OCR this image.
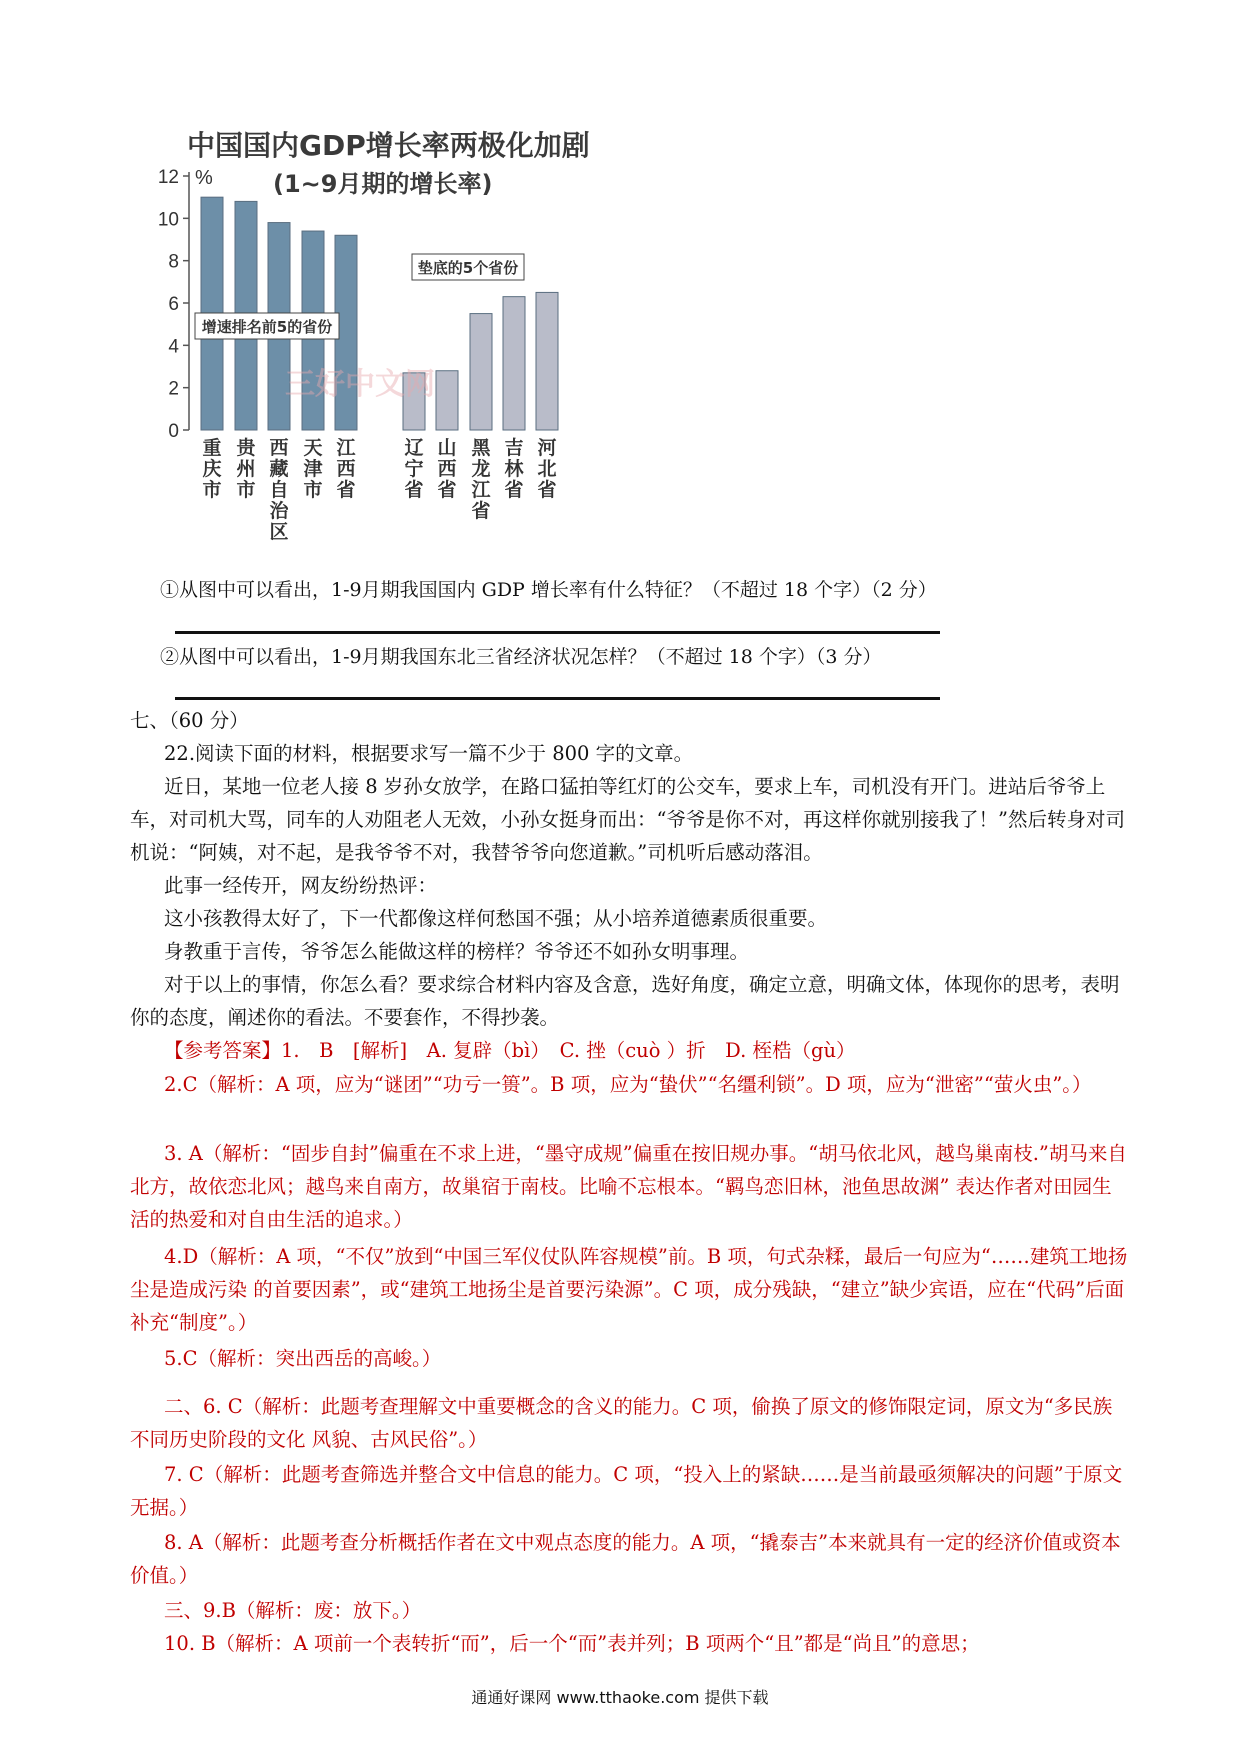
0
2
4
6
8
10
12 %
重
庆
市
贵
州
市
西
藏
自
治
区
天
津
市
江
西
省
辽
宁
省
山
西
省
黑
龙
江
省
吉
林
省
河
北
省
增速排名前5的省份
垫底的5个省份
三好中文网
中国国内GDP增长率两极化加剧
(1~9月期的增长率)
①从图中可以看出，1-9月期我国国内 GDP 增长率有什么特征？（不超过 18 个字）（2 分）
②从图中可以看出，1-9月期我国东北三省经济状况怎样？（不超过 18 个字）（3 分）

七、（60 分）

22.阅读下面的材料，根据要求写一篇不少于 800 字的文章。

近日，某地一位老人接 8 岁孙女放学，在路口猛拍等红灯的公交车，要求上车，司机没有开门。进站后爷爷上车，对司机大骂，同车的人劝阻老人无效，小孙女挺身而出：“爷爷是你不对，再这样你就别接我了！”然后转身对司机说：“阿姨，对不起，是我爷爷不对，我替爷爷向您道歉。”司机听后感动落泪。

此事一经传开，网友纷纷热评：

这小孩教得太好了，下一代都像这样何愁国不强；从小培养道德素质很重要。

身教重于言传，爷爷怎么能做这样的榜样？爷爷还不如孙女明事理。

对于以上的事情，你怎么看？要求综合材料内容及含意，选好角度，确定立意，明确文体，体现你的思考，表明你的态度，阐述你的看法。不要套作，不得抄袭。

【参考答案】1.　B　[解析]　A. 复辟（bì）　C. 挫（cuò ）折　D. 桎梏（gù）

2.C（解析：A 项，应为“谜团”“功亏一篑”。B 项，应为“蛰伏”“名缰利锁”。D 项，应为“泄密”“萤火虫”。）

3. A（解析：“固步自封”偏重在不求上进，“墨守成规”偏重在按旧规办事。“胡马依北风，越鸟巢南枝.”胡马来自北方，故依恋北风；越鸟来自南方，故巢宿于南枝。比喻不忘根本。“羁鸟恋旧林，池鱼思故渊” 表达作者对田园生活的热爱和对自由生活的追求。）

4.D（解析：A 项，“不仅”放到“中国三军仪仗队阵容规模”前。B 项，句式杂糅，最后一句应为“……建筑工地扬尘是造成污染 的首要因素”，或“建筑工地扬尘是首要污染源”。C 项，成分残缺，“建立”缺少宾语，应在“代码”后面补充“制度”。）

5.C（解析：突出西岳的高峻。）

二、6. C（解析：此题考查理解文中重要概念的含义的能力。C 项，偷换了原文的修饰限定词，原文为“多民族不同历史阶段的文化 风貌、古风民俗”。）

7. C（解析：此题考查筛选并整合文中信息的能力。C 项，“投入上的紧缺……是当前最亟须解决的问题”于原文无据。）

8. A（解析：此题考查分析概括作者在文中观点态度的能力。A 项，“撬泰吉”本来就具有一定的经济价值或资本价值。）

三、9.B（解析：废：放下。）

10. B（解析：A 项前一个表转折“而”，后一个“而”表并列；B 项两个“且”都是“尚且”的意思；

通通好课网 www.tthaoke.com 提供下载
